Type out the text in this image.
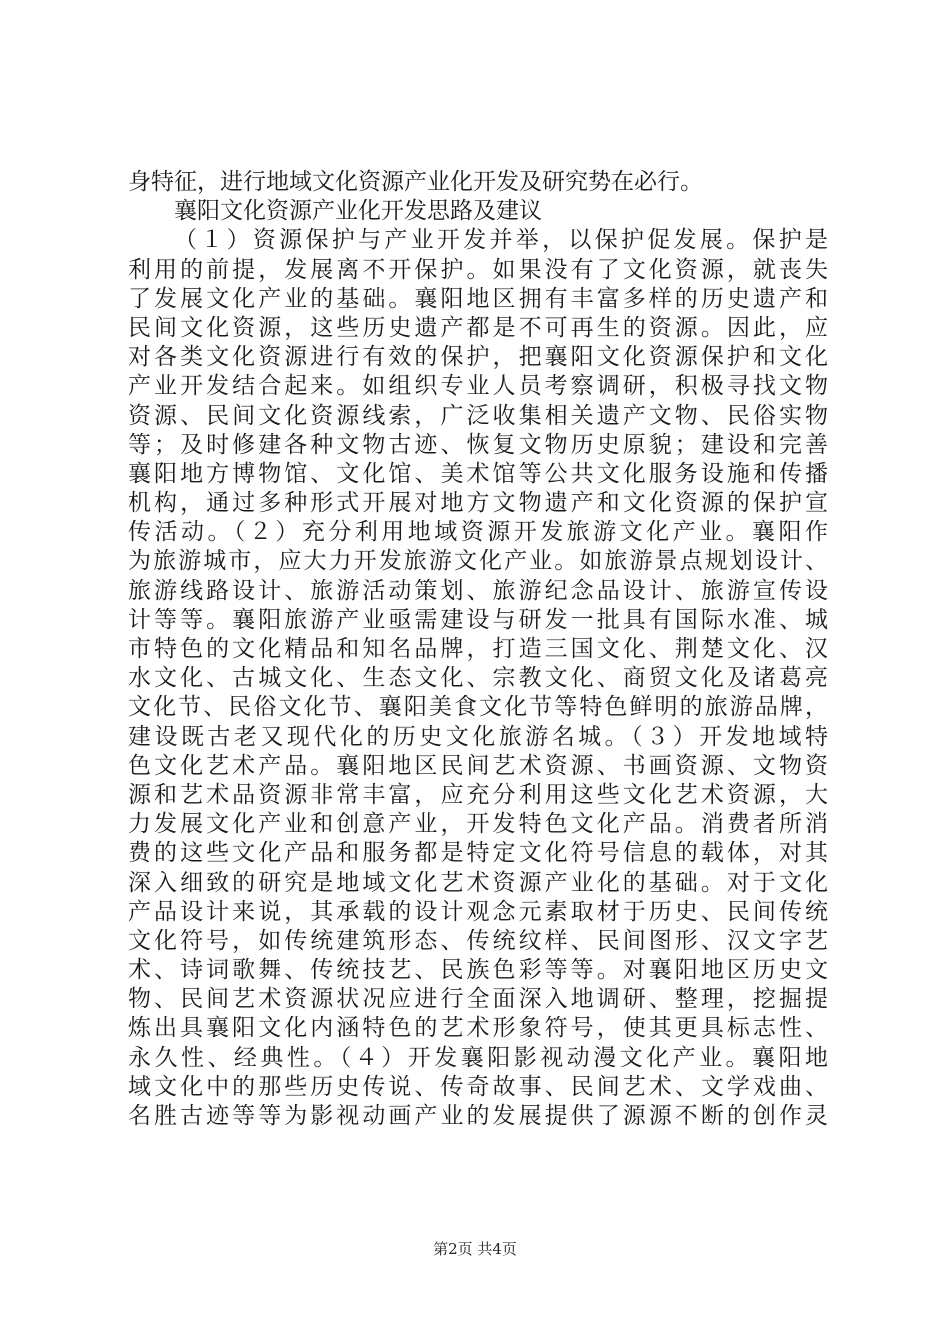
身特征，进行地域文化资源产业化开发及研究势在必行。
襄阳文化资源产业化开发思路及建议
（１）资源保护与产业开发并举，以保护促发展。保护是
利用的前提，发展离不开保护。如果没有了文化资源，就丧失
了发展文化产业的基础。襄阳地区拥有丰富多样的历史遗产和
民间文化资源，这些历史遗产都是不可再生的资源。因此，应
对各类文化资源进行有效的保护，把襄阳文化资源保护和文化
产业开发结合起来。如组织专业人员考察调研，积极寻找文物
资源、民间文化资源线索，广泛收集相关遗产文物、民俗实物
等；及时修建各种文物古迹、恢复文物历史原貌；建设和完善
襄阳地方博物馆、文化馆、美术馆等公共文化服务设施和传播
机构，通过多种形式开展对地方文物遗产和文化资源的保护宣
传活动。（２）充分利用地域资源开发旅游文化产业。襄阳作
为旅游城市，应大力开发旅游文化产业。如旅游景点规划设计、
旅游线路设计、旅游活动策划、旅游纪念品设计、旅游宣传设
计等等。襄阳旅游产业亟需建设与研发一批具有国际水准、城
市特色的文化精品和知名品牌，打造三国文化、荆楚文化、汉
水文化、古城文化、生态文化、宗教文化、商贸文化及诸葛亮
文化节、民俗文化节、襄阳美食文化节等特色鲜明的旅游品牌，
建设既古老又现代化的历史文化旅游名城。（３）开发地域特
色文化艺术产品。襄阳地区民间艺术资源、书画资源、文物资
源和艺术品资源非常丰富，应充分利用这些文化艺术资源，大
力发展文化产业和创意产业，开发特色文化产品。消费者所消
费的这些文化产品和服务都是特定文化符号信息的载体，对其
深入细致的研究是地域文化艺术资源产业化的基础。对于文化
产品设计来说，其承载的设计观念元素取材于历史、民间传统
文化符号，如传统建筑形态、传统纹样、民间图形、汉文字艺
术、诗词歌舞、传统技艺、民族色彩等等。对襄阳地区历史文
物、民间艺术资源状况应进行全面深入地调研、整理，挖掘提
炼出具襄阳文化内涵特色的艺术形象符号，使其更具标志性、
永久性、经典性。（４）开发襄阳影视动漫文化产业。襄阳地
域文化中的那些历史传说、传奇故事、民间艺术、文学戏曲、
名胜古迹等等为影视动画产业的发展提供了源源不断的创作灵
第2页 共4页
